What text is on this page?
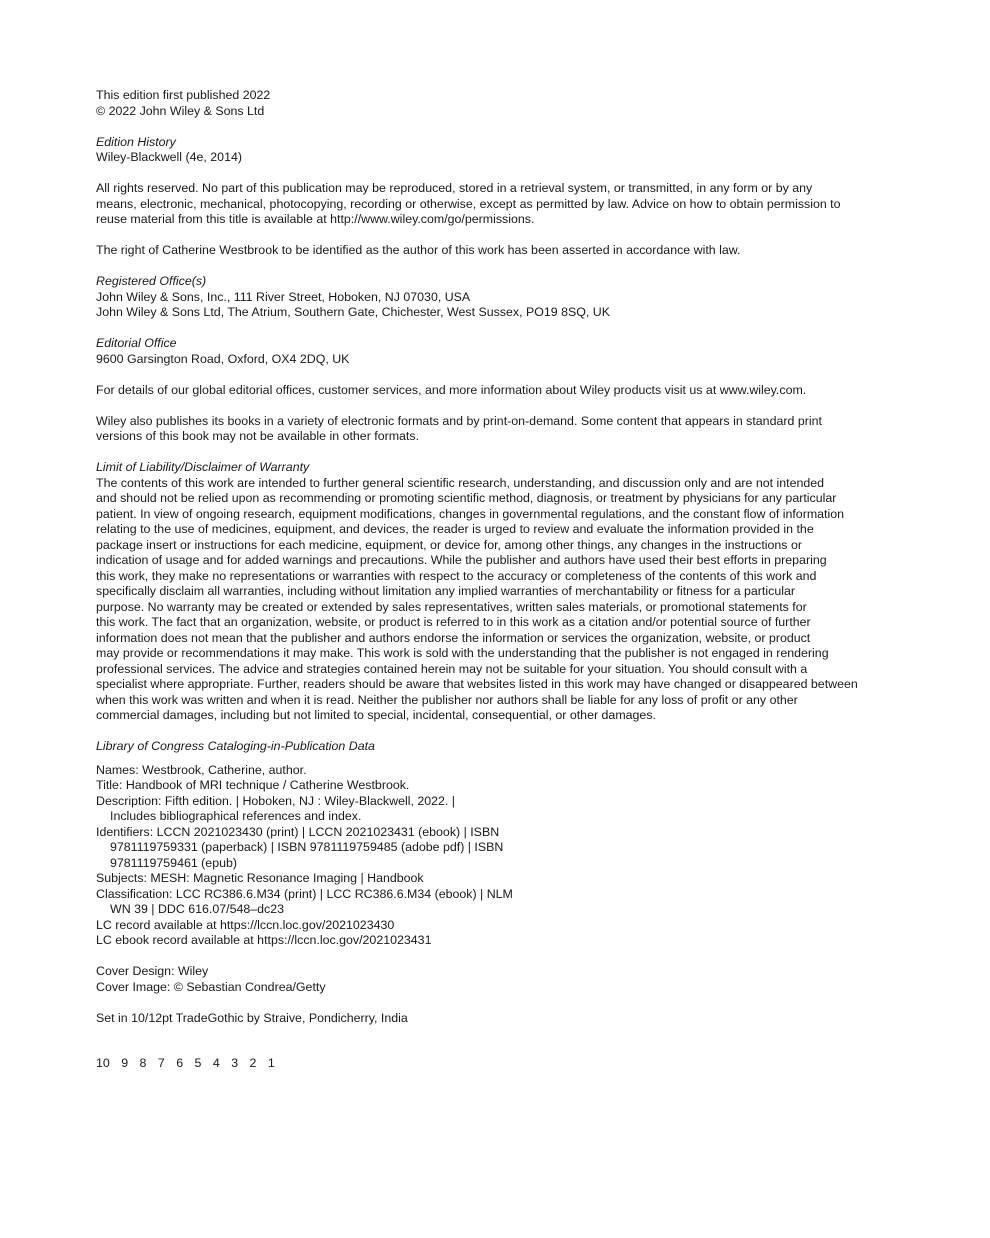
This edition first published 2022
© 2022 John Wiley & Sons Ltd
Edition History
Wiley-Blackwell (4e, 2014)
All rights reserved. No part of this publication may be reproduced, stored in a retrieval system, or transmitted, in any form or by any
means, electronic, mechanical, photocopying, recording or otherwise, except as permitted by law. Advice on how to obtain permission to
reuse material from this title is available at http://www.wiley.com/go/permissions.
The right of Catherine Westbrook to be identified as the author of this work has been asserted in accordance with law.
Registered Office(s)
John Wiley & Sons, Inc., 111 River Street, Hoboken, NJ 07030, USA
John Wiley & Sons Ltd, The Atrium, Southern Gate, Chichester, West Sussex, PO19 8SQ, UK
Editorial Office
9600 Garsington Road, Oxford, OX4 2DQ, UK
For details of our global editorial offices, customer services, and more information about Wiley products visit us at www.wiley.com.
Wiley also publishes its books in a variety of electronic formats and by print-on-demand. Some content that appears in standard print
versions of this book may not be available in other formats.
Limit of Liability/Disclaimer of Warranty
The contents of this work are intended to further general scientific research, understanding, and discussion only and are not intended
and should not be relied upon as recommending or promoting scientific method, diagnosis, or treatment by physicians for any particular
patient. In view of ongoing research, equipment modifications, changes in governmental regulations, and the constant flow of information
relating to the use of medicines, equipment, and devices, the reader is urged to review and evaluate the information provided in the
package insert or instructions for each medicine, equipment, or device for, among other things, any changes in the instructions or
indication of usage and for added warnings and precautions. While the publisher and authors have used their best efforts in preparing
this work, they make no representations or warranties with respect to the accuracy or completeness of the contents of this work and
specifically disclaim all warranties, including without limitation any implied warranties of merchantability or fitness for a particular
purpose. No warranty may be created or extended by sales representatives, written sales materials, or promotional statements for
this work. The fact that an organization, website, or product is referred to in this work as a citation and/or potential source of further
information does not mean that the publisher and authors endorse the information or services the organization, website, or product
may provide or recommendations it may make. This work is sold with the understanding that the publisher is not engaged in rendering
professional services. The advice and strategies contained herein may not be suitable for your situation. You should consult with a
specialist where appropriate. Further, readers should be aware that websites listed in this work may have changed or disappeared between
when this work was written and when it is read. Neither the publisher nor authors shall be liable for any loss of profit or any other
commercial damages, including but not limited to special, incidental, consequential, or other damages.
Library of Congress Cataloging-in-Publication Data
Names: Westbrook, Catherine, author.
Title: Handbook of MRI technique / Catherine Westbrook.
Description: Fifth edition. | Hoboken, NJ : Wiley-Blackwell, 2022. |
Includes bibliographical references and index.
Identifiers: LCCN 2021023430 (print) | LCCN 2021023431 (ebook) | ISBN
9781119759331 (paperback) | ISBN 9781119759485 (adobe pdf) | ISBN
9781119759461 (epub)
Subjects: MESH: Magnetic Resonance Imaging | Handbook
Classification: LCC RC386.6.M34 (print) | LCC RC386.6.M34 (ebook) | NLM
WN 39 | DDC 616.07/548–dc23
LC record available at https://lccn.loc.gov/2021023430
LC ebook record available at https://lccn.loc.gov/2021023431
Cover Design: Wiley
Cover Image: © Sebastian Condrea/Getty
Set in 10/12pt TradeGothic by Straive, Pondicherry, India
10 9 8 7 6 5 4 3 2 1
